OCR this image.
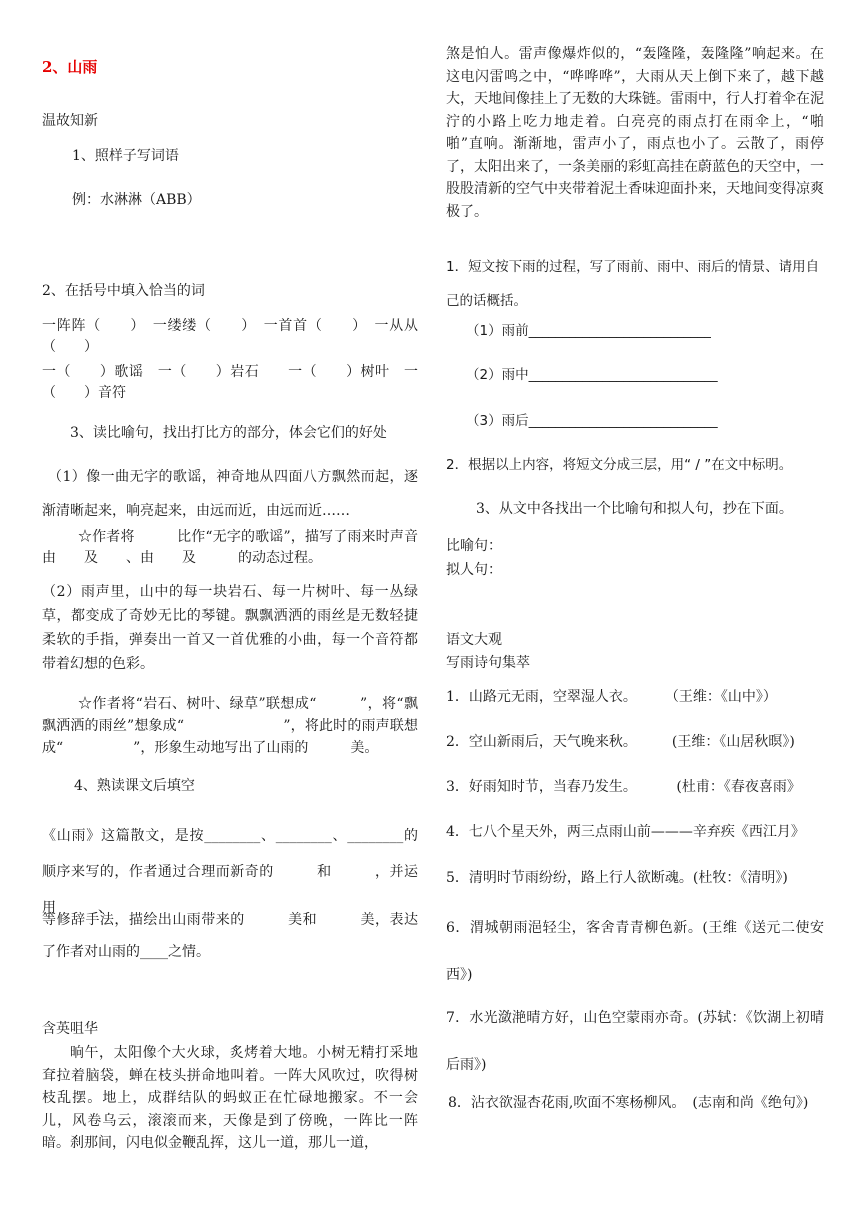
2、山雨
温故知新
1、照样子写词语
例：水淋淋（ABB）
2、在括号中填入恰当的词
一阵阵（　　）　一缕缕（　　）　一首首（　　）　一从从（　　）
一（　　）歌谣　一（　　）岩石　　一（　　）树叶　一（　　）音符
3、读比喻句，找出打比方的部分，体会它们的好处
（1）像一曲无字的歌谣，神奇地从四面八方飘然而起，逐渐清晰起来，响亮起来，由远而近，由远而近……
☆作者将　　　比作“无字的歌谣”，描写了雨来时声音由　　及　　、由　　及　　　的动态过程。
（2）雨声里，山中的每一块岩石、每一片树叶、每一丛绿草，都变成了奇妙无比的琴键。飘飘洒洒的雨丝是无数轻捷柔软的手指，弹奏出一首又一首优雅的小曲，每一个音符都带着幻想的色彩。
☆作者将“岩石、树叶、绿草”联想成“　　　”，将“飘飘洒洒的雨丝”想象成“　　　　　　　”，将此时的雨声联想成“　　　　　”，形象生动地写出了山雨的　　　美。
4、熟读课文后填空
《山雨》这篇散文，是按________、________、________的顺序来写的，作者通过合理而新奇的　　　和　　　，并运用　　　、
等修辞手法，描绘出山雨带来的　　　美和　　　美，表达了作者对山雨的____之情。
含英咀华
晌午，太阳像个大火球，炙烤着大地。小树无精打采地耷拉着脑袋，蝉在枝头拼命地叫着。一阵大风吹过，吹得树枝乱摆。地上，成群结队的蚂蚁正在忙碌地搬家。不一会儿，风卷乌云，滚滚而来，天像是到了傍晚，一阵比一阵暗。刹那间，闪电似金鞭乱挥，这儿一道，那儿一道，
煞是怕人。雷声像爆炸似的，“轰隆隆，轰隆隆”响起来。在这电闪雷鸣之中，“哗哗哗”，大雨从天上倒下来了，越下越大，天地间像挂上了无数的大珠链。雷雨中，行人打着伞在泥泞的小路上吃力地走着。白亮亮的雨点打在雨伞上，“啪啪”直响。渐渐地，雷声小了，雨点也小了。云散了，雨停了，太阳出来了，一条美丽的彩虹高挂在蔚蓝色的天空中，一股股清新的空气中夹带着泥土香味迎面扑来，天地间变得凉爽极了。
1．短文按下雨的过程，写了雨前、雨中、雨后的情景、请用自己的话概括。
（1）雨前___________________________
（2）雨中____________________________
（3）雨后____________________________
2．根据以上内容，将短文分成三层，用“ / ”在文中标明。
3、从文中各找出一个比喻句和拟人句，抄在下面。
比喻句：
拟人句：
语文大观
写雨诗句集萃
1．山路元无雨，空翠湿人衣。　　　（王维：《山中》）
2．空山新雨后，天气晚来秋。　　　(王维：《山居秋暝》)
3．好雨知时节，当春乃发生。　　　 (杜甫：《春夜喜雨》
4．七八个星天外，两三点雨山前———辛弃疾《西江月》
5．清明时节雨纷纷，路上行人欲断魂。(杜牧：《清明》)
6．渭城朝雨浥轻尘，客舍青青柳色新。(王维《送元二使安西》)
7．水光潋滟晴方好，山色空蒙雨亦奇。(苏轼：《饮湖上初晴后雨》)
8．沾衣欲湿杏花雨,吹面不寒杨柳风。　(志南和尚《绝句》)
